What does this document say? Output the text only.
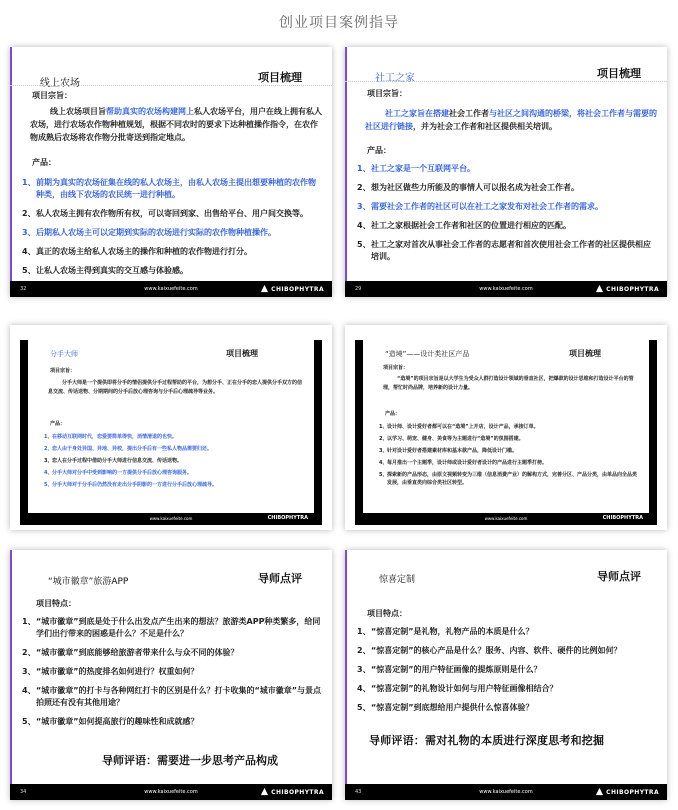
创业项目案例指导
线上农场	项目梳理
项目宗旨：
线上农场项目旨帮助真实的农场构建网上私人农场平台，用户在线上拥有私人农场，进行农场农作物种植规划，根据不同农时的要求下达种植操作指令，在农作物成熟后农场将农作物分批寄送到指定地点。
产品：
1、 前期为真实的农场征集在线的私人农场主，由私人农场主提出想要种植的农作物种类，由线下农场的农民统一进行种植。
2、 私人农场主拥有农作物所有权，可以寄回到家、出售给平台、用户间交换等。
3、 后期私人农场主可以定期到实际的农场进行实际的农作物种植操作。
4、 真正的农场主给私人农场主的操作和种植的农作物进行打分。
5、 让私人农场主得到真实的交互感与体验感。
32	www.kaixuefeite.com	CHIBOPHYTRA
社工之家	项目梳理
项目宗旨：
社工之家旨在搭建社会工作者与社区之间沟通的桥梁，将社会工作者与需要的社区进行链接，并为社会工作者和社区提供相关培训。
产品：
1、 社工之家是一个互联网平台。
2、 想为社区做些力所能及的事情人可以报名成为社会工作者。
3、 需要社会工作者的社区可以在社工之家发布对社会工作者的需求。
4、 社工之家根据社会工作者和社区的位置进行相应的匹配。
5、 社工之家对首次从事社会工作者的志愿者和首次使用社会工作者的社区提供相应培训。
29	www.kaixuefeite.com	CHIBOPHYTRA
分手大师	项目梳理
项目宗旨：
分手大师是一个提供即将分手的情侣提供分手过程帮助的平台，为想分手、正在分手的恋人提供分手双方的信息交流、传话送物、分期期间的分手后放心理咨询与分手后心理疏导等业务。
产品：
1、 在移动互联网时代，恋爱要简单得快，消情清退的也快。
2、 恋人由于身处异国、异地、异校，提出分手后有一些私人物品需要归还。
3、 恋人在分手过程中借助分手大师进行信息交流、传话送物。
4、 分手大师对分手中受到影响的一方提供分手后放心理咨询服务。
5、 分手大师对于分手后仍然没有走出分手阴影的一方进行分手后放心理疏导。
www.kaixuefeite.com	CHIBOPHYTRA
“造境”——设计类社区产品	项目梳理
项目宗旨：
“造境”的项目宗旨是以大学生为受众人群打造设计领域的垂直社区，把爆款的设计思维和打造设计平台的管理，帮忙时尚品牌，培养新的设计力量。
产品：
1、 设计师、设计爱好者都可以在“造境”上开店，设计产品，承接订单。
2、 以学习、萌宠、健身、美食等为主题进行“造境”的氛围搭建。
3、 针对设计爱好者搭建素材库和基本款产品，降低设计门槛。
4、 每月推出一个主题季，设计师或设计爱好者设计的产品进行主题季打榜。
5、 探索新的产品形态，由原文视频转变为三维（信息消费产业）的解构方式，完善分区、产品分类，由单品向全品类发展，由垂直类向综合类社区转型。
www.kaixuefeite.com	CHIBOPHYTRA
“城市徽章”旅游APP	导师点评
项目特点：
1、 “城市徽章”到底是处于什么出发点产生出来的想法？旅游类APP种类繁多，给同学们出行带来的困惑是什么？不足是什么？
2、 “城市徽章”到底能够给旅游者带来什么与众不同的体验？
3、 “城市徽章”的热度排名如何进行？权重如何？
4、 “城市徽章”的打卡与各种网红打卡的区别是什么？打卡收集的“城市徽章”与景点拍照还有没有其他用途？
5、 “城市徽章”如何提高旅行的趣味性和成就感？
导师评语：需要进一步思考产品构成
34	www.kaixuefeite.com	CHIBOPHYTRA
惊喜定制	导师点评
项目特点：
1、 “惊喜定制”是礼物，礼物产品的本质是什么？
2、 “惊喜定制”的核心产品是什么？服务、内容、软件、硬件的比例如何？
3、 “惊喜定制”的用户特征画像的提炼原则是什么？
4、 “惊喜定制”的礼物设计如何与用户特征画像相结合？
5、 “惊喜定制”到底想给用户提供什么惊喜体验？
导师评语：需对礼物的本质进行深度思考和挖掘
43	www.kaixuefeite.com	CHIBOPHYTRA
